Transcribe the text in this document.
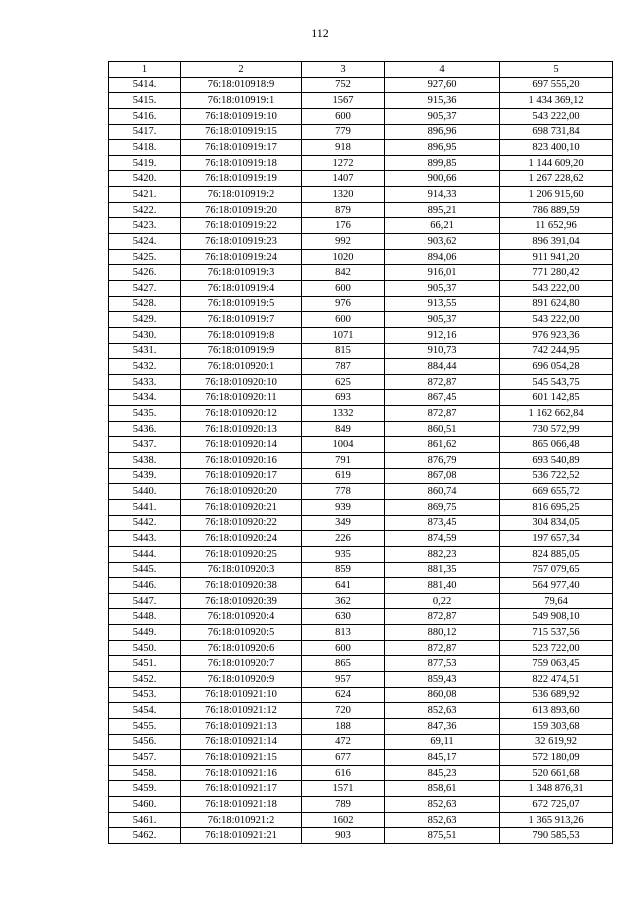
112
1	2	3	4	5
5414.	76:18:010918:9	752	927,60	697 555,20
5415.	76:18:010919:1	1567	915,36	1 434 369,12
5416.	76:18:010919:10	600	905,37	543 222,00
5417.	76:18:010919:15	779	896,96	698 731,84
5418.	76:18:010919:17	918	896,95	823 400,10
5419.	76:18:010919:18	1272	899,85	1 144 609,20
5420.	76:18:010919:19	1407	900,66	1 267 228,62
5421.	76:18:010919:2	1320	914,33	1 206 915,60
5422.	76:18:010919:20	879	895,21	786 889,59
5423.	76:18:010919:22	176	66,21	11 652,96
5424.	76:18:010919:23	992	903,62	896 391,04
5425.	76:18:010919:24	1020	894,06	911 941,20
5426.	76:18:010919:3	842	916,01	771 280,42
5427.	76:18:010919:4	600	905,37	543 222,00
5428.	76:18:010919:5	976	913,55	891 624,80
5429.	76:18:010919:7	600	905,37	543 222,00
5430.	76:18:010919:8	1071	912,16	976 923,36
5431.	76:18:010919:9	815	910,73	742 244,95
5432.	76:18:010920:1	787	884,44	696 054,28
5433.	76:18:010920:10	625	872,87	545 543,75
5434.	76:18:010920:11	693	867,45	601 142,85
5435.	76:18:010920:12	1332	872,87	1 162 662,84
5436.	76:18:010920:13	849	860,51	730 572,99
5437.	76:18:010920:14	1004	861,62	865 066,48
5438.	76:18:010920:16	791	876,79	693 540,89
5439.	76:18:010920:17	619	867,08	536 722,52
5440.	76:18:010920:20	778	860,74	669 655,72
5441.	76:18:010920:21	939	869,75	816 695,25
5442.	76:18:010920:22	349	873,45	304 834,05
5443.	76:18:010920:24	226	874,59	197 657,34
5444.	76:18:010920:25	935	882,23	824 885,05
5445.	76:18:010920:3	859	881,35	757 079,65
5446.	76:18:010920:38	641	881,40	564 977,40
5447.	76:18:010920:39	362	0,22	79,64
5448.	76:18:010920:4	630	872,87	549 908,10
5449.	76:18:010920:5	813	880,12	715 537,56
5450.	76:18:010920:6	600	872,87	523 722,00
5451.	76:18:010920:7	865	877,53	759 063,45
5452.	76:18:010920:9	957	859,43	822 474,51
5453.	76:18:010921:10	624	860,08	536 689,92
5454.	76:18:010921:12	720	852,63	613 893,60
5455.	76:18:010921:13	188	847,36	159 303,68
5456.	76:18:010921:14	472	69,11	32 619,92
5457.	76:18:010921:15	677	845,17	572 180,09
5458.	76:18:010921:16	616	845,23	520 661,68
5459.	76:18:010921:17	1571	858,61	1 348 876,31
5460.	76:18:010921:18	789	852,63	672 725,07
5461.	76:18:010921:2	1602	852,63	1 365 913,26
5462.	76:18:010921:21	903	875,51	790 585,53
